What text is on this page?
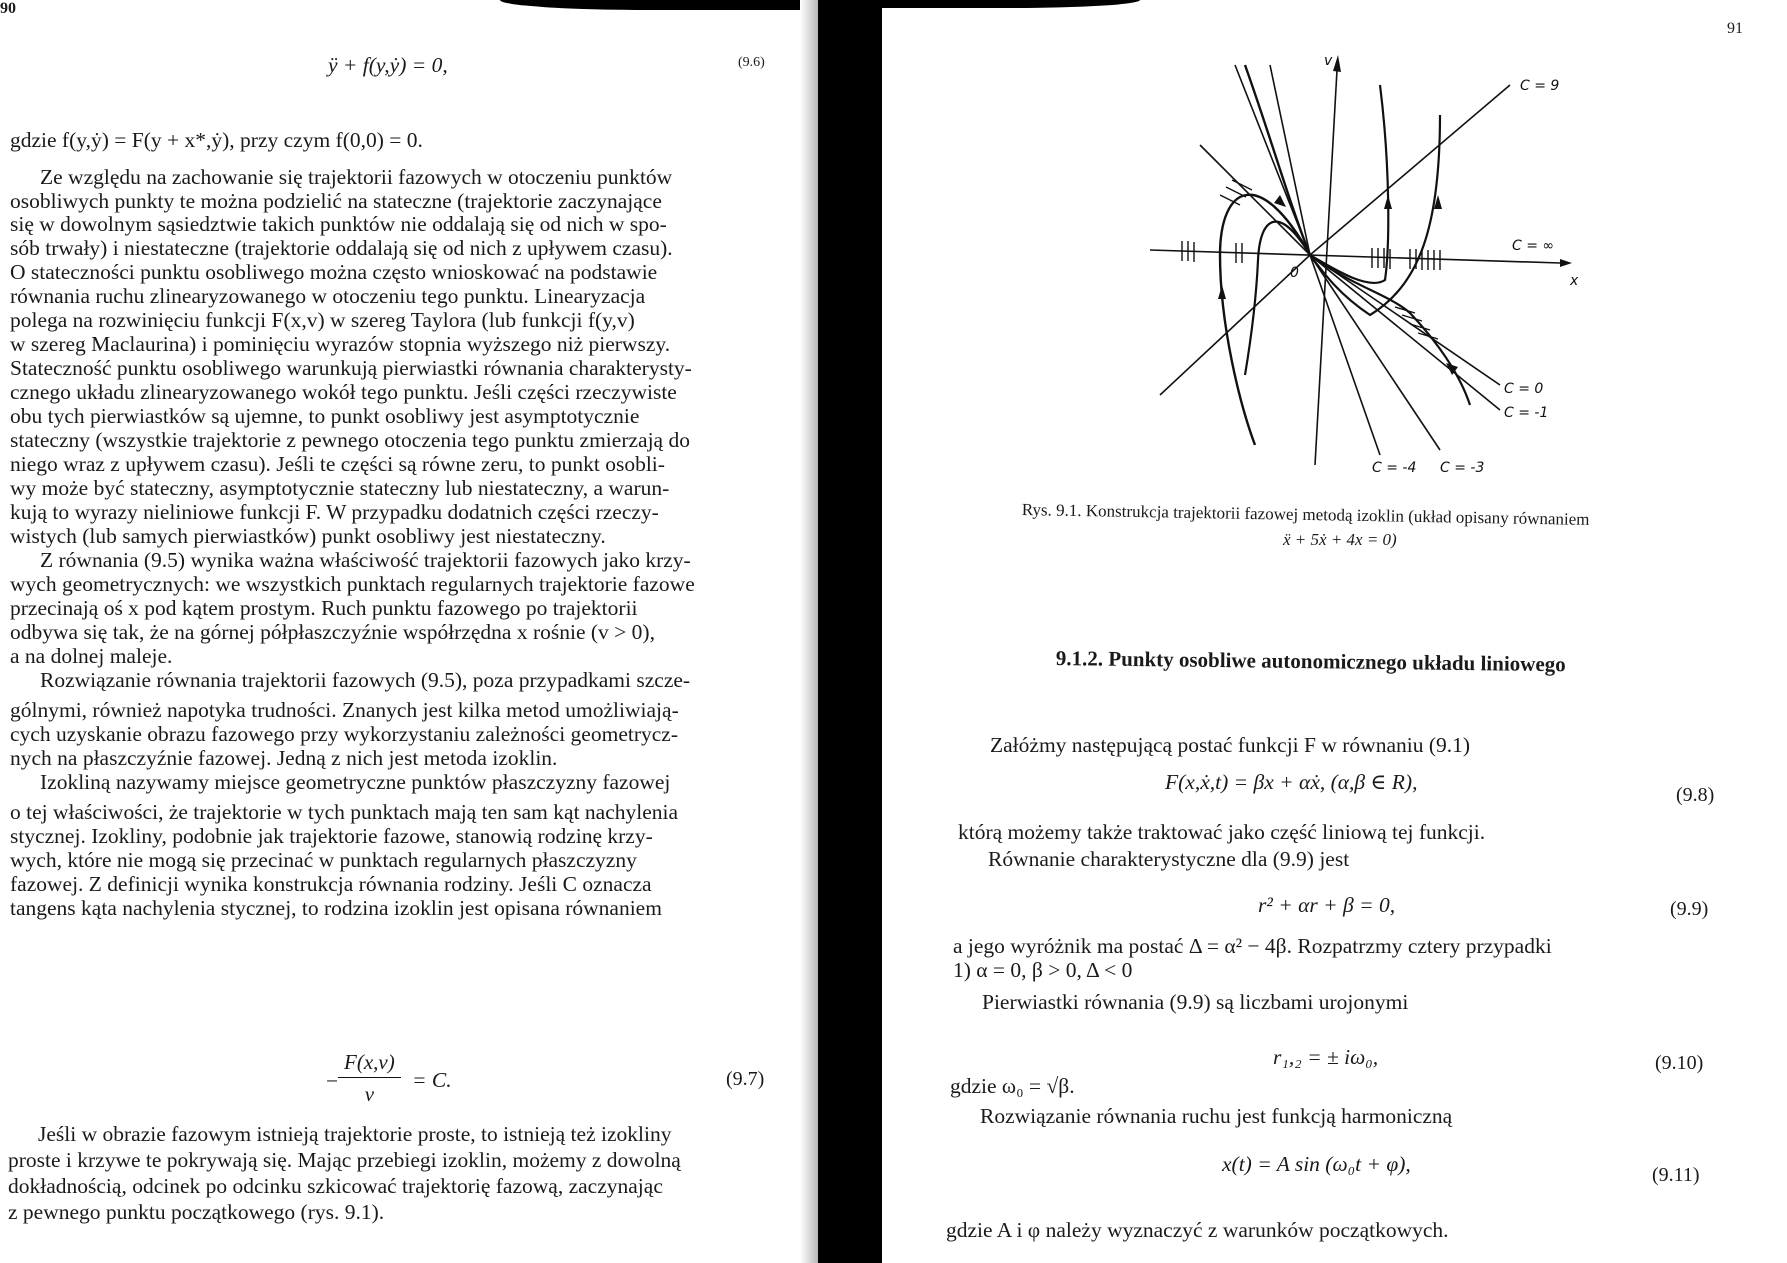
90
ÿ + f(y,ẏ) = 0,	(9.6)
gdzie f(y,ẏ) = F(y + x*,ẏ), przy czym f(0,0) = 0.
Ze względu na zachowanie się trajektorii fazowych w otoczeniu punktów
osobliwych punkty te można podzielić na stateczne (trajektorie zaczynające
się w dowolnym sąsiedztwie takich punktów nie oddalają się od nich w spo-
sób trwały) i niestateczne (trajektorie oddalają się od nich z upływem czasu).
O stateczności punktu osobliwego można często wnioskować na podstawie
równania ruchu zlinearyzowanego w otoczeniu tego punktu. Linearyzacja
polega na rozwinięciu funkcji F(x,v) w szereg Taylora (lub funkcji f(y,v)
w szereg Maclaurina) i pominięciu wyrazów stopnia wyższego niż pierwszy.
Stateczność punktu osobliwego warunkują pierwiastki równania charakterysty-
cznego układu zlinearyzowanego wokół tego punktu. Jeśli części rzeczywiste
obu tych pierwiastków są ujemne, to punkt osobliwy jest asymptotycznie
stateczny (wszystkie trajektorie z pewnego otoczenia tego punktu zmierzają do
niego wraz z upływem czasu). Jeśli te części są równe zeru, to punkt osobli-
wy może być stateczny, asymptotycznie stateczny lub niestateczny, a warun-
kują to wyrazy nieliniowe funkcji F. W przypadku dodatnich części rzeczy-
wistych (lub samych pierwiastków) punkt osobliwy jest niestateczny.
Z równania (9.5) wynika ważna właściwość trajektorii fazowych jako krzy-
wych geometrycznych: we wszystkich punktach regularnych trajektorie fazowe
przecinają oś x pod kątem prostym. Ruch punktu fazowego po trajektorii
odbywa się tak, że na górnej półpłaszczyźnie współrzędna x rośnie (v > 0),
a na dolnej maleje.
Rozwiązanie równania trajektorii fazowych (9.5), poza przypadkami szcze-
gólnymi, również napotyka trudności. Znanych jest kilka metod umożliwiają-
cych uzyskanie obrazu fazowego przy wykorzystaniu zależności geometrycz-
nych na płaszczyźnie fazowej. Jedną z nich jest metoda izoklin.
Izokliną nazywamy miejsce geometryczne punktów płaszczyzny fazowej
o tej właściwości, że trajektorie w tych punktach mają ten sam kąt nachylenia
stycznej. Izokliny, podobnie jak trajektorie fazowe, stanowią rodzinę krzy-
wych, które nie mogą się przecinać w punktach regularnych płaszczyzny
fazowej. Z definicji wynika konstrukcja równania rodziny. Jeśli C oznacza
tangens kąta nachylenia stycznej, to rodzina izoklin jest opisana równaniem
− $\frac{F(x,v)}{v} = C$.	(9.7)
Jeśli w obrazie fazowym istnieją trajektorie proste, to istnieją też izokliny
proste i krzywe te pokrywają się. Mając przebiegi izoklin, możemy z dowolną
dokładnością, odcinek po odcinku szkicować trajektorię fazową, zaczynając
z pewnego punktu początkowego (rys. 9.1).
91
v
x
0
C = 9
C = ∞
C = 0
C = -1
C = -4 C = -3
Rys. 9.1. Konstrukcja trajektorii fazowej metodą izoklin (układ opisany równaniem
ẍ + 5ẋ + 4x = 0)
9.1.2. Punkty osobliwe autonomicznego układu liniowego
Załóżmy następującą postać funkcji F w równaniu (9.1)
F(x,ẋ,t) = βx + αẋ, (α,β ∈ R),
(9.8)
którą możemy także traktować jako część liniową tej funkcji.
Równanie charakterystyczne dla (9.9) jest
r² + αr + β = 0,	(9.9)
a jego wyróżnik ma postać Δ = α² − 4β. Rozpatrzmy cztery przypadki
1) α = 0, β > 0, Δ < 0
Pierwiastki równania (9.9) są liczbami urojonymi
r₁,₂ = ± iω₀,	(9.10)
gdzie ω₀ = √β.
Rozwiązanie równania ruchu jest funkcją harmoniczną
x(t) = A sin (ω₀t + φ),	(9.11)
gdzie A i φ należy wyznaczyć z warunków początkowych.
